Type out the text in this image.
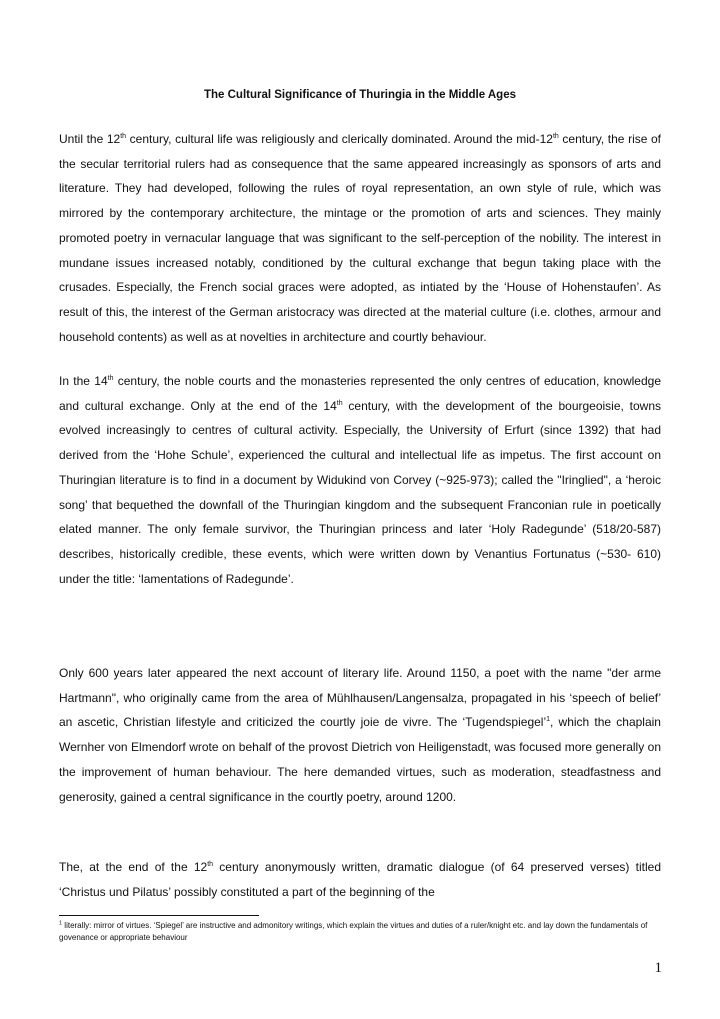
The Cultural Significance of Thuringia in the Middle Ages

Until the 12th century, cultural life was religiously and clerically dominated. Around the mid-12th century, the rise of the secular territorial rulers had as consequence that the same appeared increasingly as sponsors of arts and literature. They had developed, following the rules of royal representation, an own style of rule, which was mirrored by the contemporary architecture, the mintage or the promotion of arts and sciences. They mainly promoted poetry in vernacular language that was significant to the self-perception of the nobility. The interest in mundane issues increased notably, conditioned by the cultural exchange that begun taking place with the crusades. Especially, the French social graces were adopted, as intiated by the ‘House of Hohenstaufen’. As result of this, the interest of the German aristocracy was directed at the material culture (i.e. clothes, armour and household contents) as well as at novelties in architecture and courtly behaviour.

In the 14th century, the noble courts and the monasteries represented the only centres of education, knowledge and cultural exchange. Only at the end of the 14th century, with the development of the bourgeoisie, towns evolved increasingly to centres of cultural activity. Especially, the University of Erfurt (since 1392) that had derived from the ‘Hohe Schule’, experienced the cultural and intellectual life as impetus. The first account on Thuringian literature is to find in a document by Widukind von Corvey (~925-973); called the "Iringlied", a ‘heroic song’ that bequethed the downfall of the Thuringian kingdom and the subsequent Franconian rule in poetically elated manner. The only female survivor, the Thuringian princess and later ‘Holy Radegunde’ (518/20-587) describes, historically credible, these events, which were written down by Venantius Fortunatus (~530- 610) under the title: ‘lamentations of Radegunde’.

Only 600 years later appeared the next account of literary life. Around 1150, a poet with the name "der arme Hartmann", who originally came from the area of Mühlhausen/Langensalza, propagated in his ‘speech of belief’ an ascetic, Christian lifestyle and criticized the courtly joie de vivre. The ‘Tugendspiegel’$^1$, which the chaplain Wernher von Elmendorf wrote on behalf of the provost Dietrich von Heiligenstadt, was focused more generally on the improvement of human behaviour. The here demanded virtues, such as moderation, steadfastness and generosity, gained a central significance in the courtly poetry, around 1200.

The, at the end of the 12th century anonymously written, dramatic dialogue (of 64 preserved verses) titled ‘Christus und Pilatus’ possibly constituted a part of the beginning of the

$^1$ literally: mirror of virtues. ‘Spiegel’ are instructive and admonitory writings, which explain the virtues and duties of a ruler/knight etc. and lay down the fundamentals of govenance or appropriate behaviour

1
